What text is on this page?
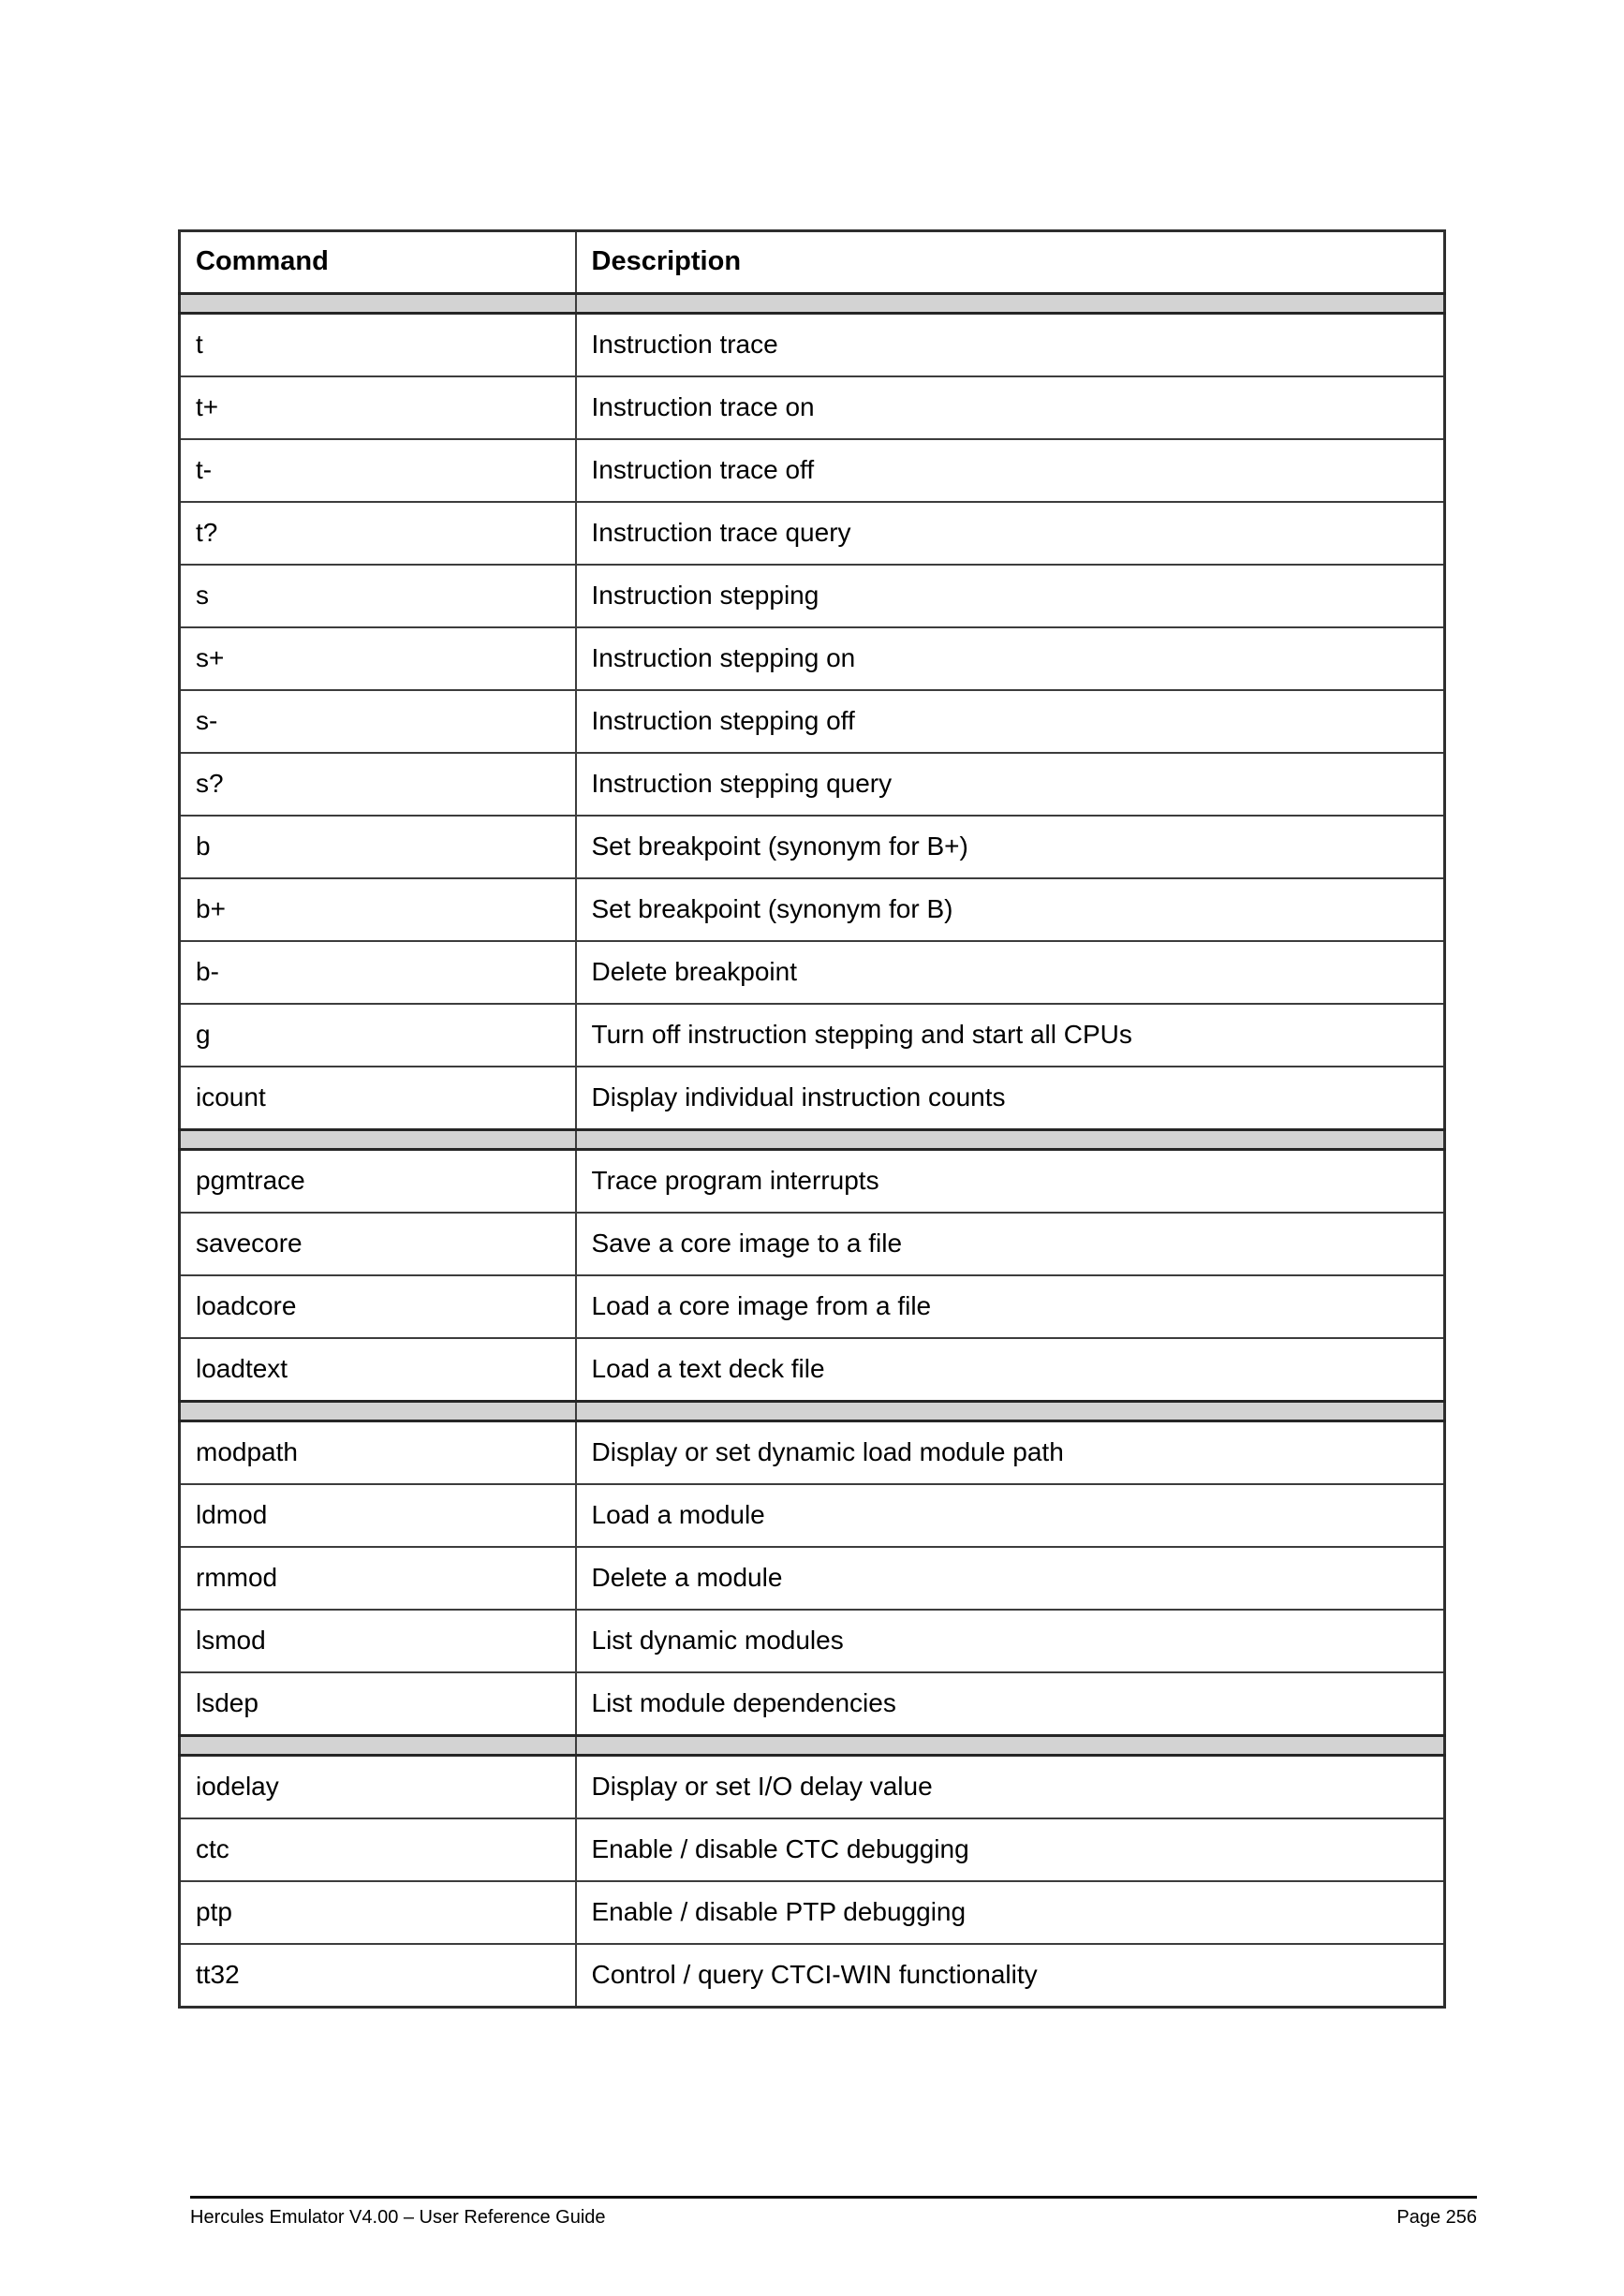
Command	Description

t	Instruction trace
t+	Instruction trace on
t-	Instruction trace off
t?	Instruction trace query
s	Instruction stepping
s+	Instruction stepping on
s-	Instruction stepping off
s?	Instruction stepping query
b	Set breakpoint (synonym for B+)
b+	Set breakpoint (synonym for B)
b-	Delete breakpoint
g	Turn off instruction stepping and start all CPUs
icount	Display individual instruction counts

pgmtrace	Trace program interrupts
savecore	Save a core image to a file
loadcore	Load a core image from a file
loadtext	Load a text deck file

modpath	Display or set dynamic load module path
ldmod	Load a module
rmmod	Delete a module
lsmod	List dynamic modules
lsdep	List module dependencies

iodelay	Display or set I/O delay value
ctc	Enable / disable CTC debugging
ptp	Enable / disable PTP debugging
tt32	Control / query CTCI-WIN functionality
Hercules Emulator V4.00 – User Reference Guide	Page 256
